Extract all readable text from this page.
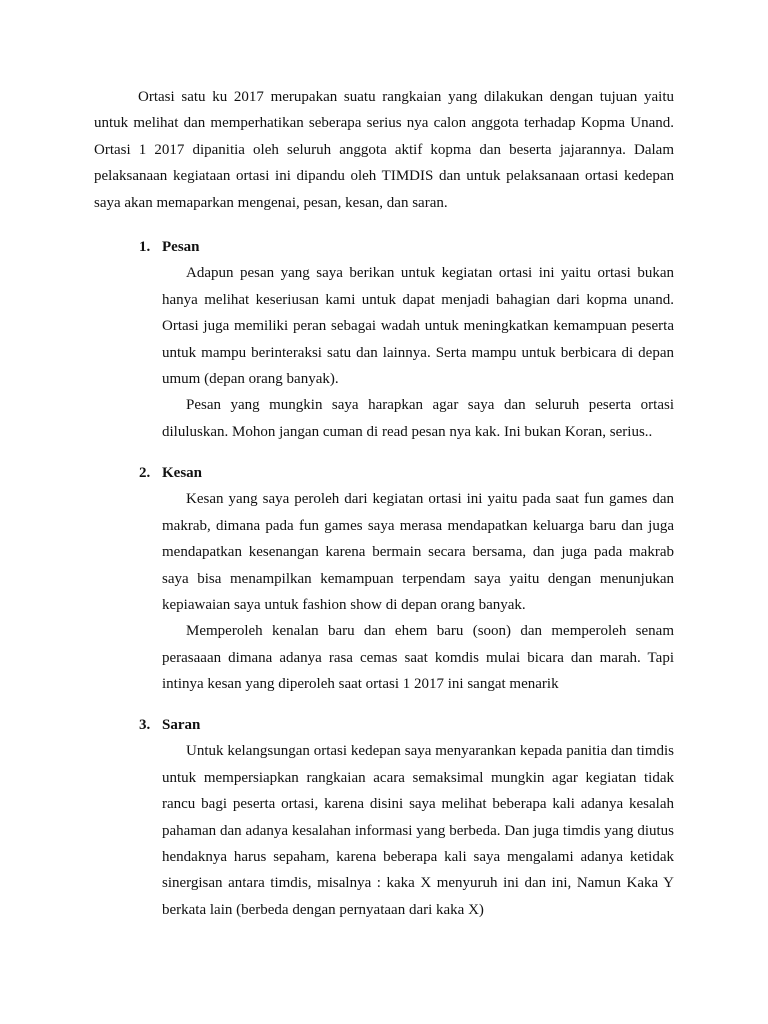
Ortasi satu ku 2017 merupakan suatu rangkaian yang dilakukan dengan tujuan yaitu untuk melihat dan memperhatikan seberapa serius nya calon anggota terhadap Kopma Unand. Ortasi 1 2017 dipanitia oleh seluruh anggota aktif kopma dan beserta jajarannya. Dalam pelaksanaan kegiataan ortasi ini dipandu oleh TIMDIS dan untuk pelaksanaan ortasi kedepan saya akan memaparkan mengenai, pesan, kesan, dan saran.

1. Pesan

Adapun pesan yang saya berikan untuk kegiatan ortasi ini yaitu ortasi bukan hanya melihat keseriusan kami untuk dapat menjadi bahagian dari kopma unand. Ortasi juga memiliki peran sebagai wadah untuk meningkatkan kemampuan peserta untuk mampu berinteraksi satu dan lainnya. Serta mampu untuk berbicara di depan umum (depan orang banyak).

Pesan yang mungkin saya harapkan agar saya dan seluruh peserta ortasi diluluskan. Mohon jangan cuman di read pesan nya kak. Ini bukan Koran, serius..

2. Kesan

Kesan yang saya peroleh dari kegiatan ortasi ini yaitu pada saat fun games dan makrab, dimana pada fun games saya merasa mendapatkan keluarga baru dan juga mendapatkan kesenangan karena bermain secara bersama, dan juga pada makrab saya bisa menampilkan kemampuan terpendam saya yaitu dengan menunjukan kepiawaian saya untuk fashion show di depan orang banyak.

Memperoleh kenalan baru dan ehem baru (soon) dan memperoleh senam perasaaan dimana adanya rasa cemas saat komdis mulai bicara dan marah. Tapi intinya kesan yang diperoleh saat ortasi 1 2017 ini sangat menarik

3. Saran

Untuk kelangsungan ortasi kedepan saya menyarankan kepada panitia dan timdis untuk mempersiapkan rangkaian acara semaksimal mungkin agar kegiatan tidak rancu bagi peserta ortasi, karena disini saya melihat beberapa kali adanya kesalah pahaman dan adanya kesalahan informasi yang berbeda. Dan juga timdis yang diutus hendaknya harus sepaham, karena beberapa kali saya mengalami adanya ketidak sinergisan antara timdis, misalnya : kaka X menyuruh ini dan ini, Namun Kaka Y berkata lain (berbeda dengan pernyataan dari kaka X)
